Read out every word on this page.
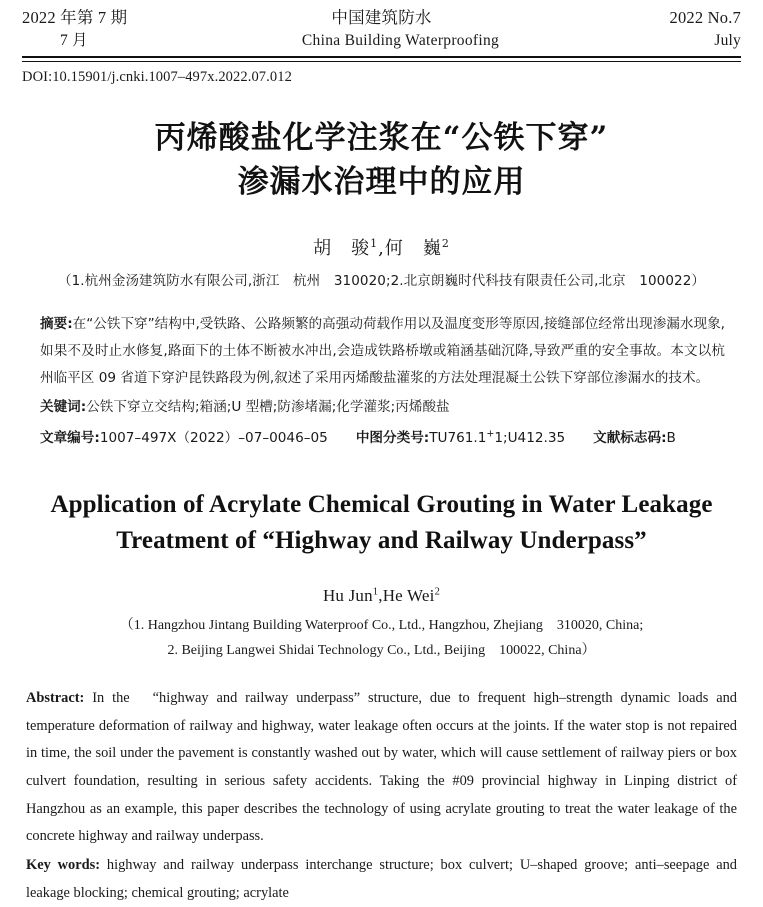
2022 年第 7 期	中国建筑防水	2022 No.7
7 月	China Building Waterproofing	July
DOI:10.15901/j.cnki.1007–497x.2022.07.012
丙烯酸盐化学注浆在“公铁下穿”
渗漏水治理中的应用
胡　骏$^1$,何　巍$^2$
（1.杭州金汤建筑防水有限公司,浙江　杭州　310020;2.北京朗巍时代科技有限责任公司,北京　100022）
摘要:在“公铁下穿”结构中,受铁路、公路频繁的高强动荷载作用以及温度变形等原因,接缝部位经常出现渗漏水现象,如果不及时止水修复,路面下的土体不断被水冲出,会造成铁路桥墩或箱涵基础沉降,导致严重的安全事故。本文以杭州临平区 09 省道下穿沪昆铁路段为例,叙述了采用丙烯酸盐灌浆的方法处理混凝土公铁下穿部位渗漏水的技术。
关键词:公铁下穿立交结构;箱涵;U 型槽;防渗堵漏;化学灌浆;丙烯酸盐
文章编号:1007–497X（2022）–07–0046–05 中图分类号:TU761.1+1;U412.35 文献标志码:B
Application of Acrylate Chemical Grouting in Water Leakage
Treatment of “Highway and Railway Underpass”
Hu Jun$^1$,He Wei$^2$
（1. Hangzhou Jintang Building Waterproof Co., Ltd., Hangzhou, Zhejiang　310020, China;
2. Beijing Langwei Shidai Technology Co., Ltd., Beijing　100022, China）
Abstract: In the　“highway and railway underpass” structure, due to frequent high–strength dynamic loads and temperature deformation of railway and highway, water leakage often occurs at the joints. If the water stop is not repaired in time, the soil under the pavement is constantly washed out by water, which will cause settlement of railway piers or box culvert foundation, resulting in serious safety accidents. Taking the #09 provincial highway in Linping district of Hangzhou as an example, this paper describes the technology of using acrylate grouting to treat the water leakage of the concrete highway and railway underpass.
Key words: highway and railway underpass interchange structure; box culvert; U–shaped groove; anti–seepage and leakage blocking; chemical grouting; acrylate
